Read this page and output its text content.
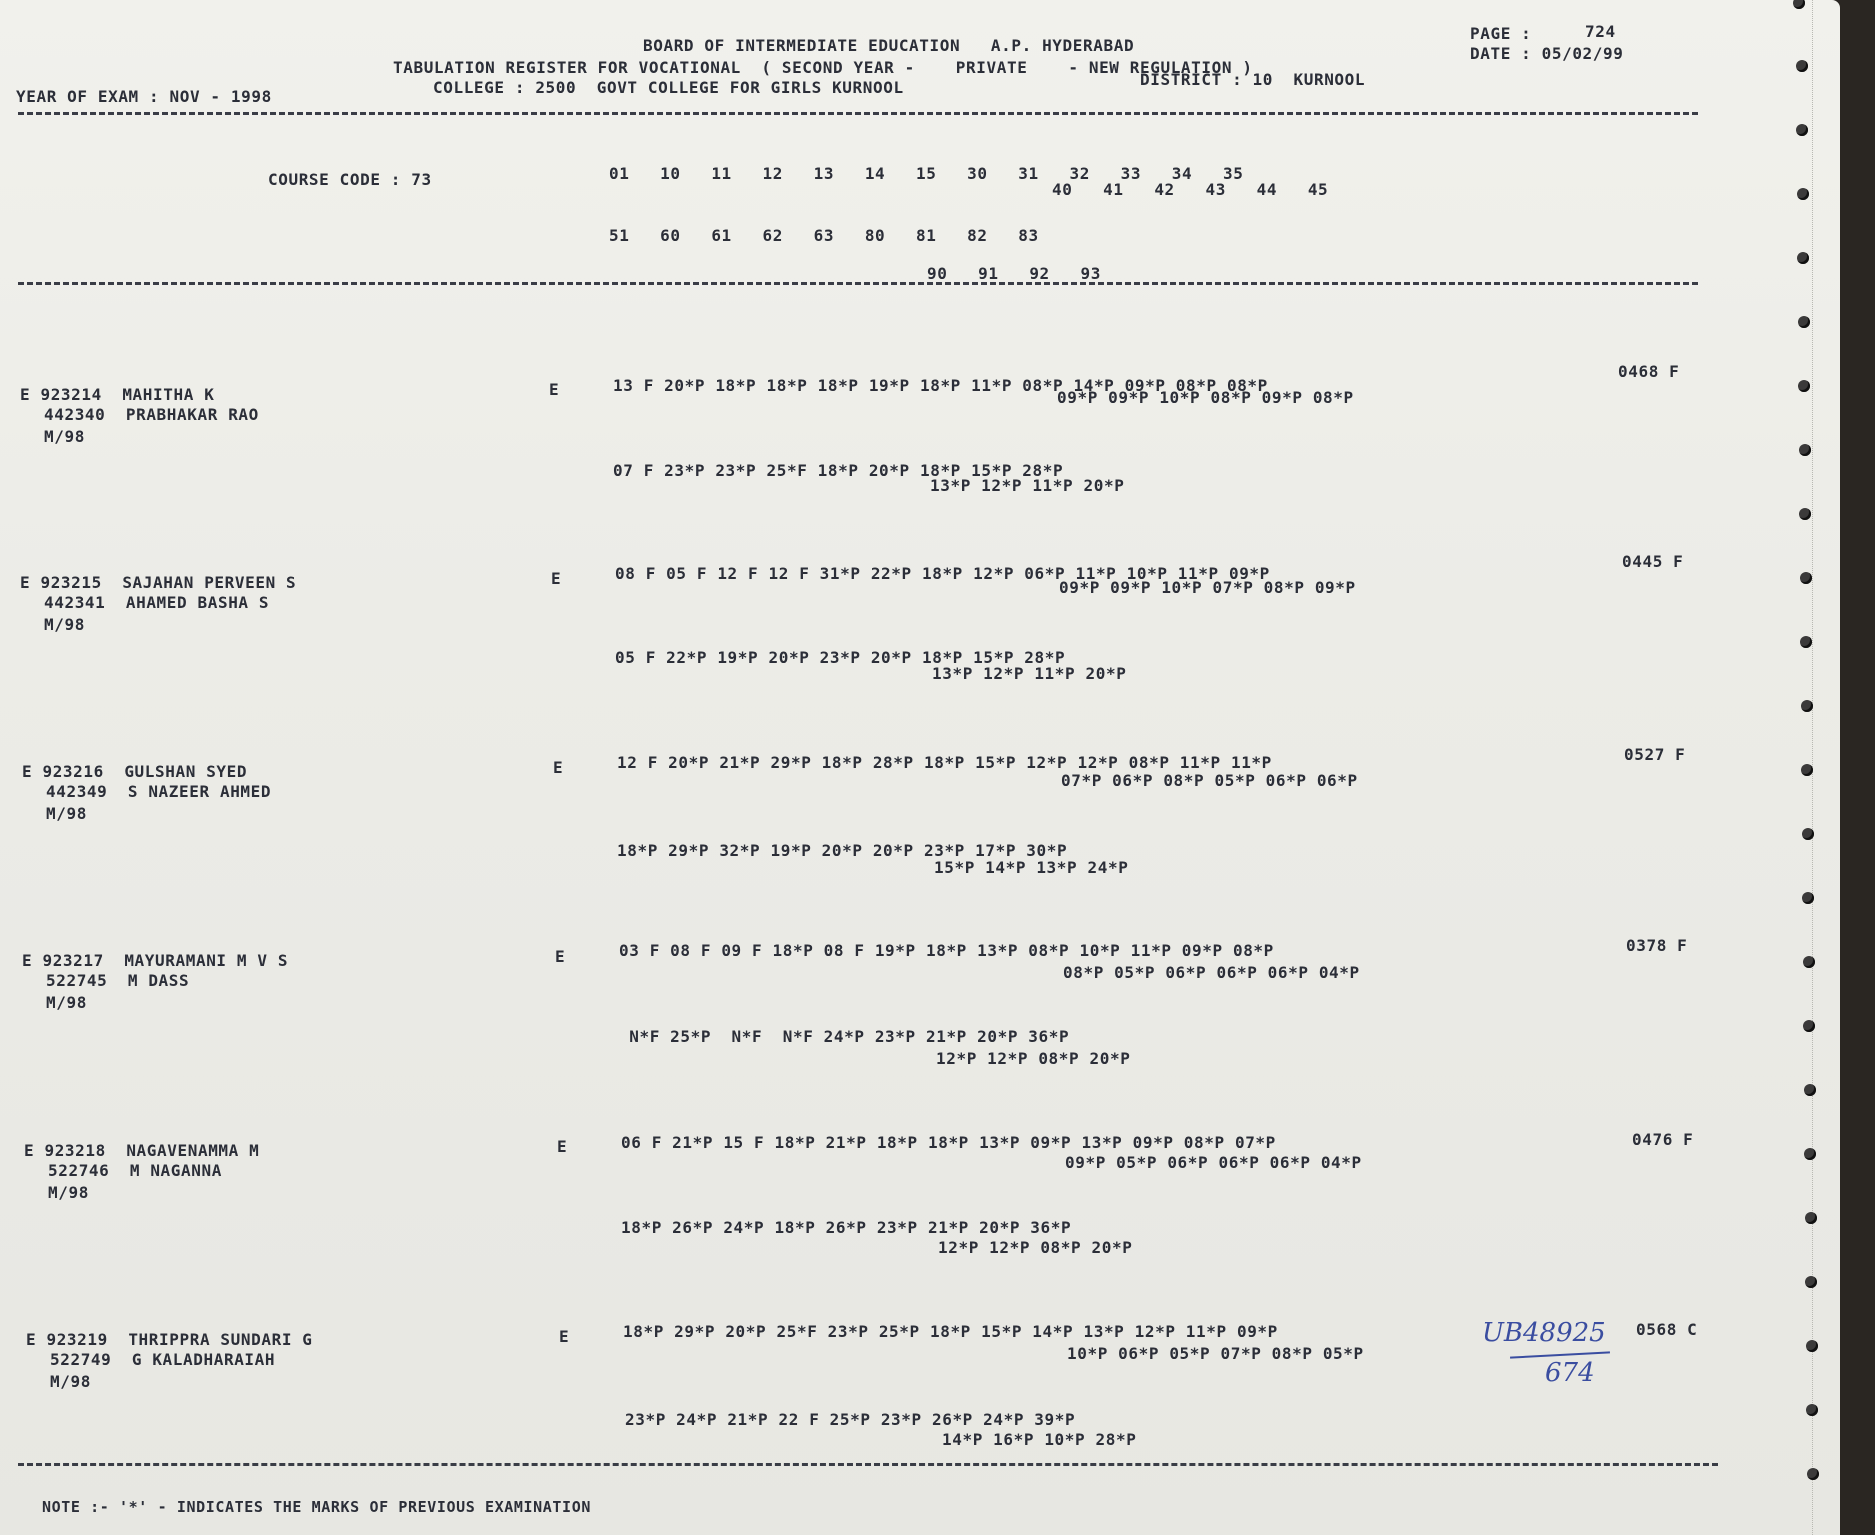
BOARD OF INTERMEDIATE EDUCATION   A.P. HYDERABAD
TABULATION REGISTER FOR VOCATIONAL  ( SECOND YEAR -    PRIVATE    - NEW REGULATION )
COLLEGE : 2500  GOVT COLLEGE FOR GIRLS KURNOOL	DISTRICT : 10  KURNOOL
YEAR OF EXAM : NOV - 1998
PAGE :	724
DATE : 05/02/99
COURSE CODE : 73	01   10   11   12   13   14   15   30   31   32   33   34   35
40   41   42   43   44   45
51   60   61   62   63   80   81   82   83
90   91   92   93
E 923214  MAHITHA K
442340  PRABHAKAR RAO
M/98
E	13 F 20*P 18*P 18*P 18*P 19*P 18*P 11*P 08*P 14*P 09*P 08*P 08*P
09*P 09*P 10*P 08*P 09*P 08*P
07 F 23*P 23*P 25*F 18*P 20*P 18*P 15*P 28*P
13*P 12*P 11*P 20*P
0468 F
E 923215  SAJAHAN PERVEEN S
442341  AHAMED BASHA S
M/98
E	08 F 05 F 12 F 12 F 31*P 22*P 18*P 12*P 06*P 11*P 10*P 11*P 09*P
09*P 09*P 10*P 07*P 08*P 09*P
05 F 22*P 19*P 20*P 23*P 20*P 18*P 15*P 28*P
13*P 12*P 11*P 20*P
0445 F
E 923216  GULSHAN SYED
442349  S NAZEER AHMED
M/98
E	12 F 20*P 21*P 29*P 18*P 28*P 18*P 15*P 12*P 12*P 08*P 11*P 11*P
07*P 06*P 08*P 05*P 06*P 06*P
18*P 29*P 32*P 19*P 20*P 20*P 23*P 17*P 30*P
15*P 14*P 13*P 24*P
0527 F
E 923217  MAYURAMANI M V S
522745  M DASS
M/98
E	03 F 08 F 09 F 18*P 08 F 19*P 18*P 13*P 08*P 10*P 11*P 09*P 08*P
08*P 05*P 06*P 06*P 06*P 04*P
N*F 25*P  N*F  N*F 24*P 23*P 21*P 20*P 36*P
12*P 12*P 08*P 20*P
0378 F
E 923218  NAGAVENAMMA M
522746  M NAGANNA
M/98
E	06 F 21*P 15 F 18*P 21*P 18*P 18*P 13*P 09*P 13*P 09*P 08*P 07*P
09*P 05*P 06*P 06*P 06*P 04*P
18*P 26*P 24*P 18*P 26*P 23*P 21*P 20*P 36*P
12*P 12*P 08*P 20*P
0476 F
E 923219  THRIPPRA SUNDARI G
522749  G KALADHARAIAH
M/98
E	18*P 29*P 20*P 25*F 23*P 25*P 18*P 15*P 14*P 13*P 12*P 11*P 09*P
10*P 06*P 05*P 07*P 08*P 05*P
23*P 24*P 21*P 22 F 25*P 23*P 26*P 24*P 39*P
14*P 16*P 10*P 28*P
0568 C
UB48925
674
NOTE :- '*' - INDICATES THE MARKS OF PREVIOUS EXAMINATION
